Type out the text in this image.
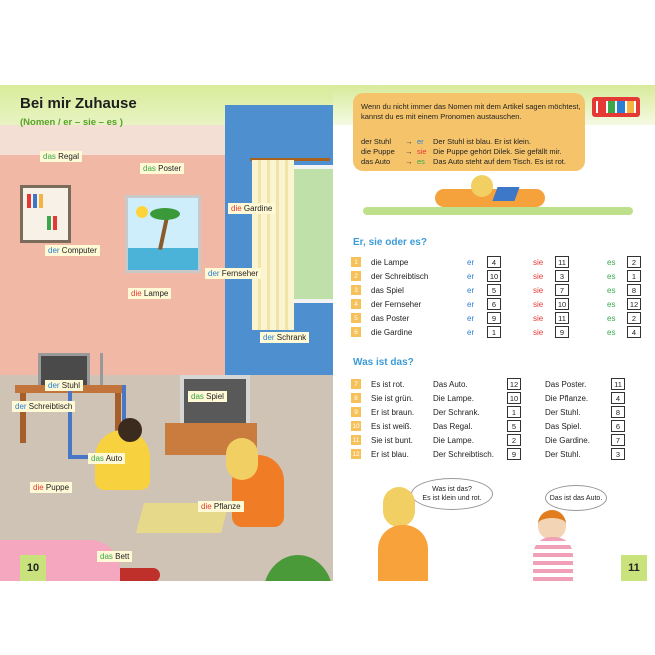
Bei mir Zuhause
(Nomen / er – sie – es )
das Regal
das Poster
die Gardine
der Computer
der Fernseher
die Lampe
der Schrank
der Stuhl
das Spiel
der Schreibtisch
das Auto
die Puppe
die Pflanze
das Bett
10

Wenn du nicht immer das Nomen mit dem Artikel sagen möchtest, kannst du es mit einem Pronomen austauschen.

der Stuhl → er Der Stuhl ist blau. Er ist klein.
die Puppe → sie Die Puppe gehört Dilek. Sie gefällt mir.
das Auto → es Das Auto steht auf dem Tisch. Es ist rot.
Er, sie oder es?
1	die Lampe	er	4	sie	11	es	2
2	der Schreibtisch	er	10	sie	3	es	1
3	das Spiel	er	5	sie	7	es	8
4	der Fernseher	er	6	sie	10	es	12
5	das Poster	er	9	sie	11	es	2
6	die Gardine	er	1	sie	9	es	4
Was ist das?
7	Es ist rot.	Das Auto.	12	Das Poster.	11
8	Sie ist grün.	Die Lampe.	10	Die Pflanze.	4
9	Er ist braun.	Der Schrank.	1	Der Stuhl.	8
10	Es ist weiß.	Das Regal.	5	Das Spiel.	6
11	Sie ist bunt.	Die Lampe.	2	Die Gardine.	7
12	Er ist blau.	Der Schreibtisch.	9	Der Stuhl.	3
Was ist das?
Es ist klein und rot.	Das ist das Auto.
11
